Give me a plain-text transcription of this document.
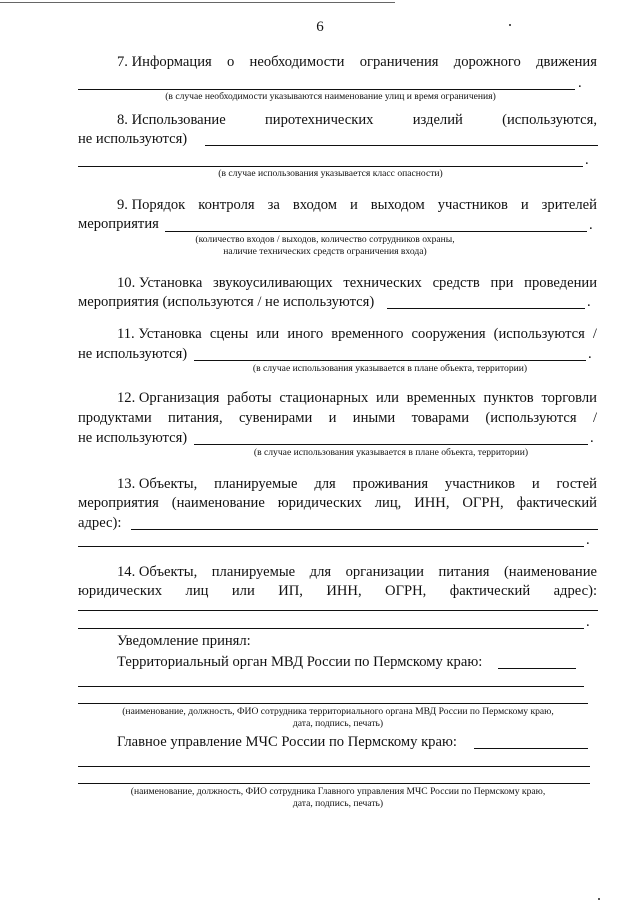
6
7. Информация о необходимости ограничения дорожного движения
.
(в случае необходимости указываются наименование улиц и время ограничения)
8. Использование	пиротехнических	изделий	(используются,
не используются)
.
(в случае использования указывается класс опасности)
9. Порядок контроля за входом и выходом участников и зрителей
мероприятия	.
(количество входов / выходов, количество сотрудников охраны,
наличие технических средств ограничения входа)
10. Установка звукоусиливающих технических средств при проведении
мероприятия (используются / не используются)	.
11. Установка сцены или иного временного сооружения (используются /
не используются)	.
(в случае использования указывается в плане объекта, территории)
12. Организация работы стационарных или временных пунктов торговли
продуктами питания, сувенирами и иными товарами (используются /
не используются)	.
(в случае использования указывается в плане объекта, территории)
13. Объекты, планируемые для проживания участников и гостей
мероприятия (наименование юридических лиц, ИНН, ОГРН, фактический
адрес):
.
14. Объекты, планируемые для организации питания (наименование
юридических лиц или ИП, ИНН, ОГРН, фактический адрес):
.
Уведомление принял:
Территориальный орган МВД России по Пермскому краю:
(наименование, должность, ФИО сотрудника территориального органа МВД России по Пермскому краю,
дата, подпись, печать)
Главное управление МЧС России по Пермскому краю:
(наименование, должность, ФИО сотрудника Главного управления МЧС России по Пермскому краю,
дата, подпись, печать)
